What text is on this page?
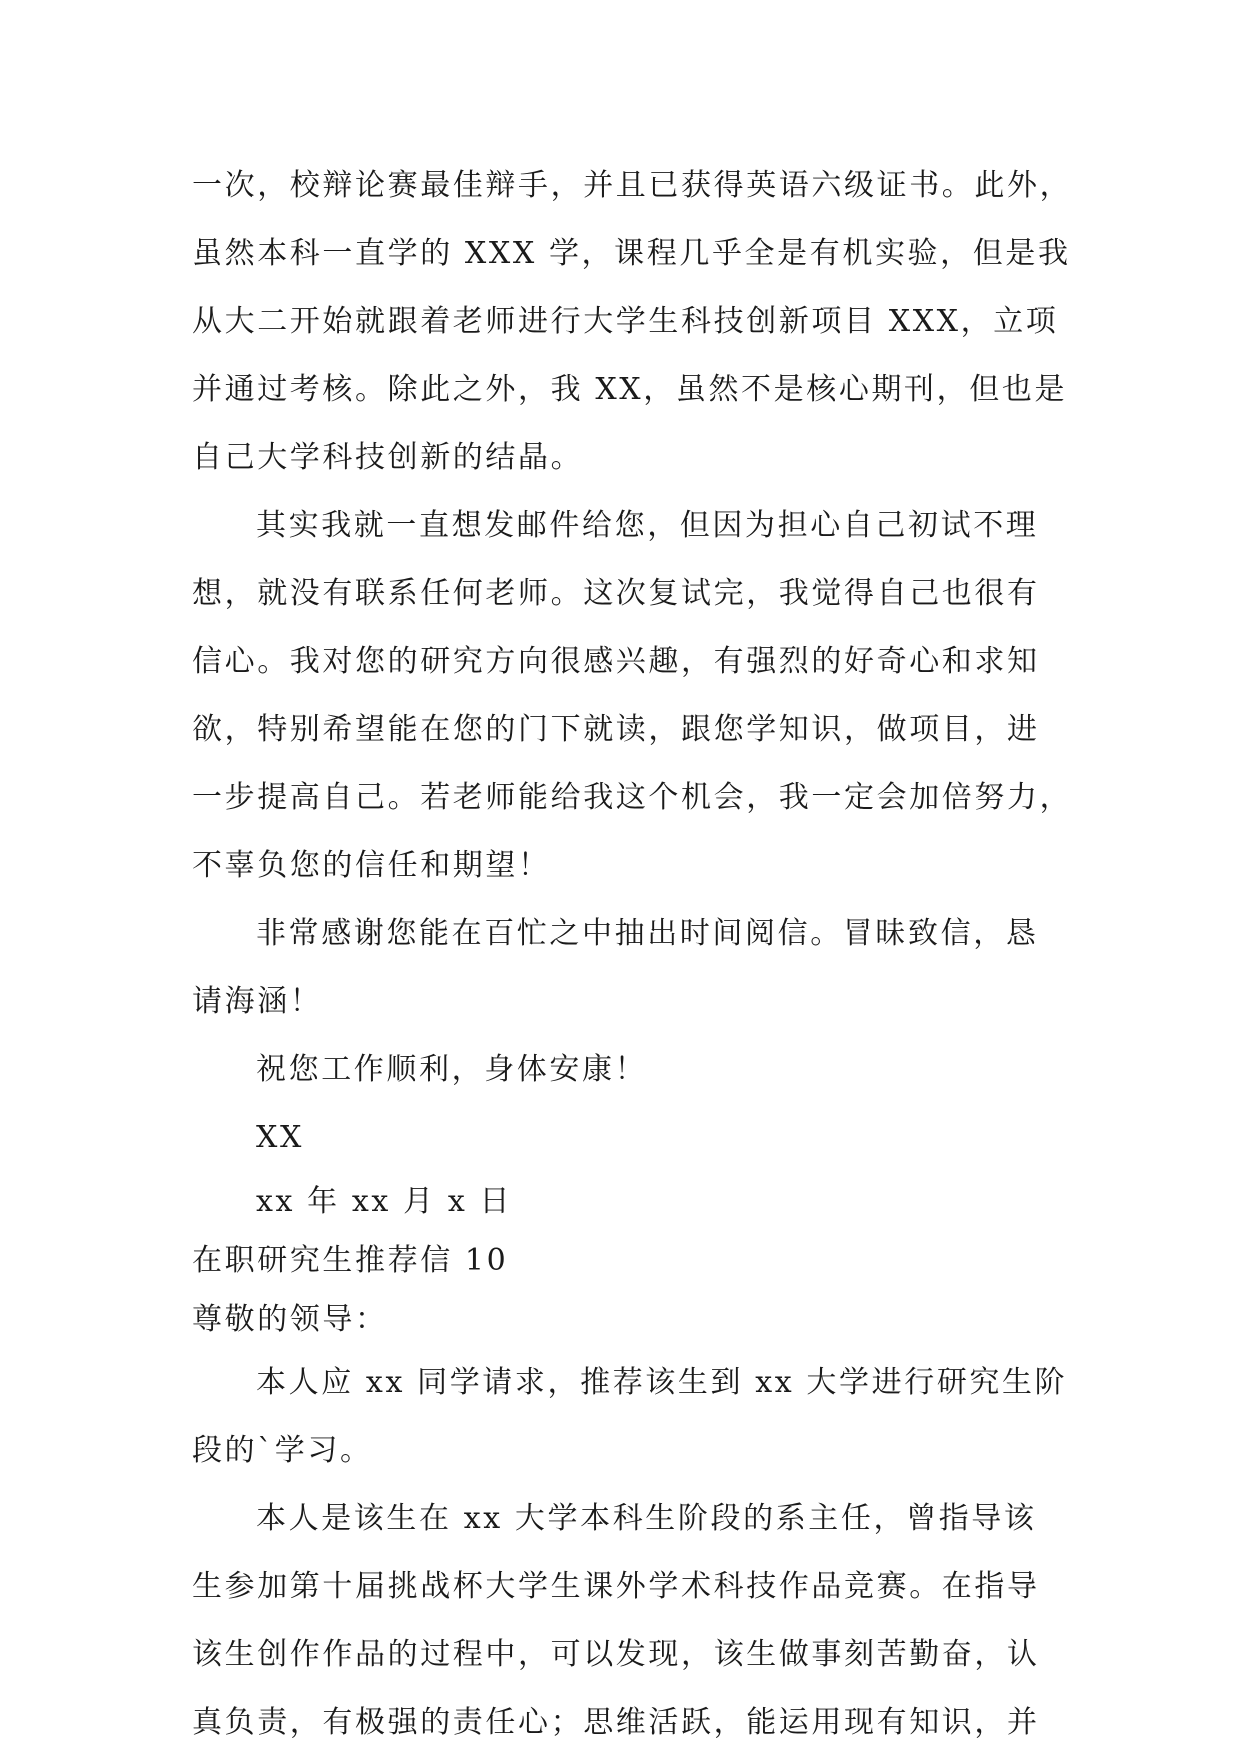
一次，校辩论赛最佳辩手，并且已获得英语六级证书。此外，
虽然本科一直学的 XXX 学，课程几乎全是有机实验，但是我
从大二开始就跟着老师进行大学生科技创新项目 XXX，立项
并通过考核。除此之外，我 XX，虽然不是核心期刊，但也是
自己大学科技创新的结晶。
其实我就一直想发邮件给您，但因为担心自己初试不理
想，就没有联系任何老师。这次复试完，我觉得自己也很有
信心。我对您的研究方向很感兴趣，有强烈的好奇心和求知
欲，特别希望能在您的门下就读，跟您学知识，做项目，进
一步提高自己。若老师能给我这个机会，我一定会加倍努力，
不辜负您的信任和期望！
非常感谢您能在百忙之中抽出时间阅信。冒昧致信，恳
请海涵！
祝您工作顺利，身体安康！
XX
xx 年 xx 月 x 日
在职研究生推荐信 10
尊敬的领导：
本人应 xx 同学请求，推荐该生到 xx 大学进行研究生阶
段的`学习。
本人是该生在 xx 大学本科生阶段的系主任，曾指导该
生参加第十届挑战杯大学生课外学术科技作品竞赛。在指导
该生创作作品的过程中，可以发现，该生做事刻苦勤奋，认
真负责，有极强的责任心；思维活跃，能运用现有知识，并
